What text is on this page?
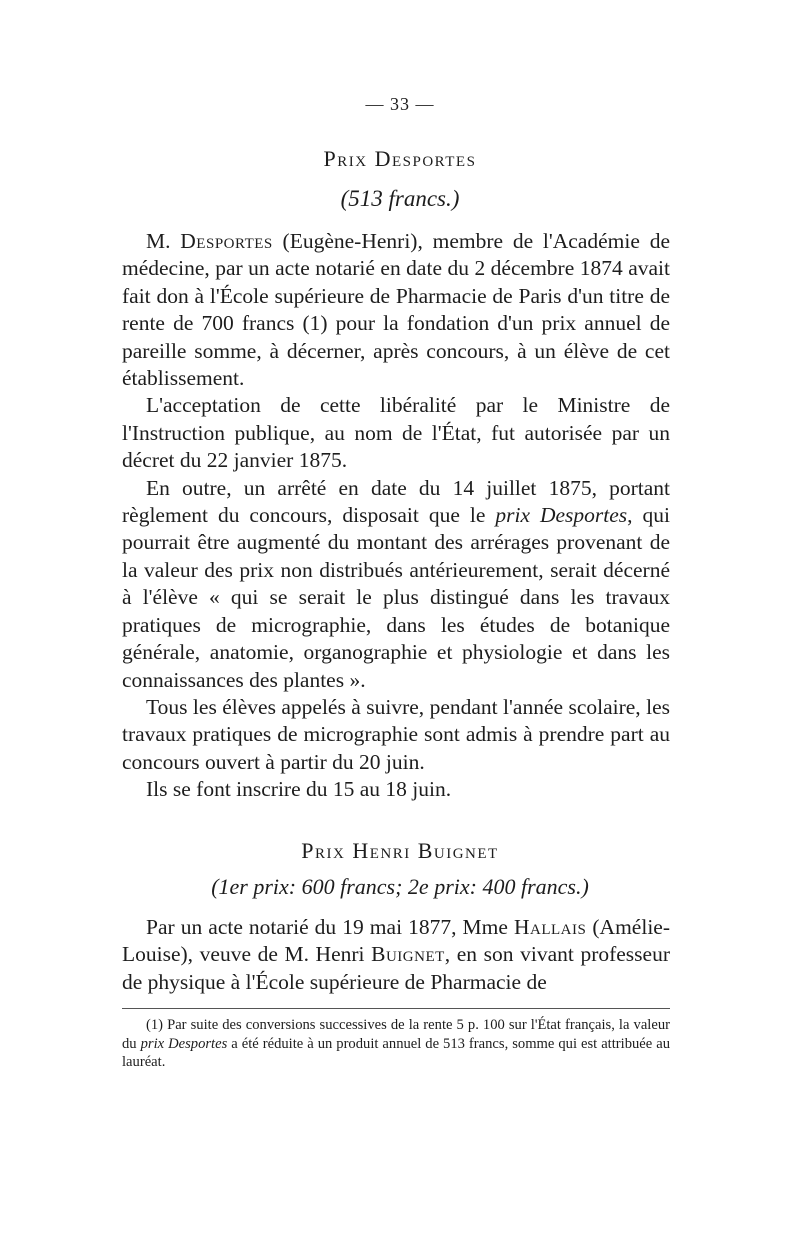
— 33 —
Prix Desportes
(513 francs.)

M. Desportes (Eugène-Henri), membre de l'Académie de médecine, par un acte notarié en date du 2 décembre 1874 avait fait don à l'École supérieure de Pharmacie de Paris d'un titre de rente de 700 francs (1) pour la fondation d'un prix annuel de pareille somme, à décerner, après concours, à un élève de cet établissement.

L'acceptation de cette libéralité par le Ministre de l'Instruction publique, au nom de l'État, fut autorisée par un décret du 22 janvier 1875.

En outre, un arrêté en date du 14 juillet 1875, portant règlement du concours, disposait que le prix Desportes, qui pourrait être augmenté du montant des arrérages provenant de la valeur des prix non distribués antérieurement, serait décerné à l'élève « qui se serait le plus distingué dans les travaux pratiques de micrographie, dans les études de botanique générale, anatomie, organographie et physiologie et dans les connaissances des plantes ».

Tous les élèves appelés à suivre, pendant l'année scolaire, les travaux pratiques de micrographie sont admis à prendre part au concours ouvert à partir du 20 juin.

Ils se font inscrire du 15 au 18 juin.

Prix Henri Buignet
(1er prix: 600 francs; 2e prix: 400 francs.)

Par un acte notarié du 19 mai 1877, Mme Hallais (Amélie-Louise), veuve de M. Henri Buignet, en son vivant professeur de physique à l'École supérieure de Pharmacie de

(1) Par suite des conversions successives de la rente 5 p. 100 sur l'État français, la valeur du prix Desportes a été réduite à un produit annuel de 513 francs, somme qui est attribuée au lauréat.
